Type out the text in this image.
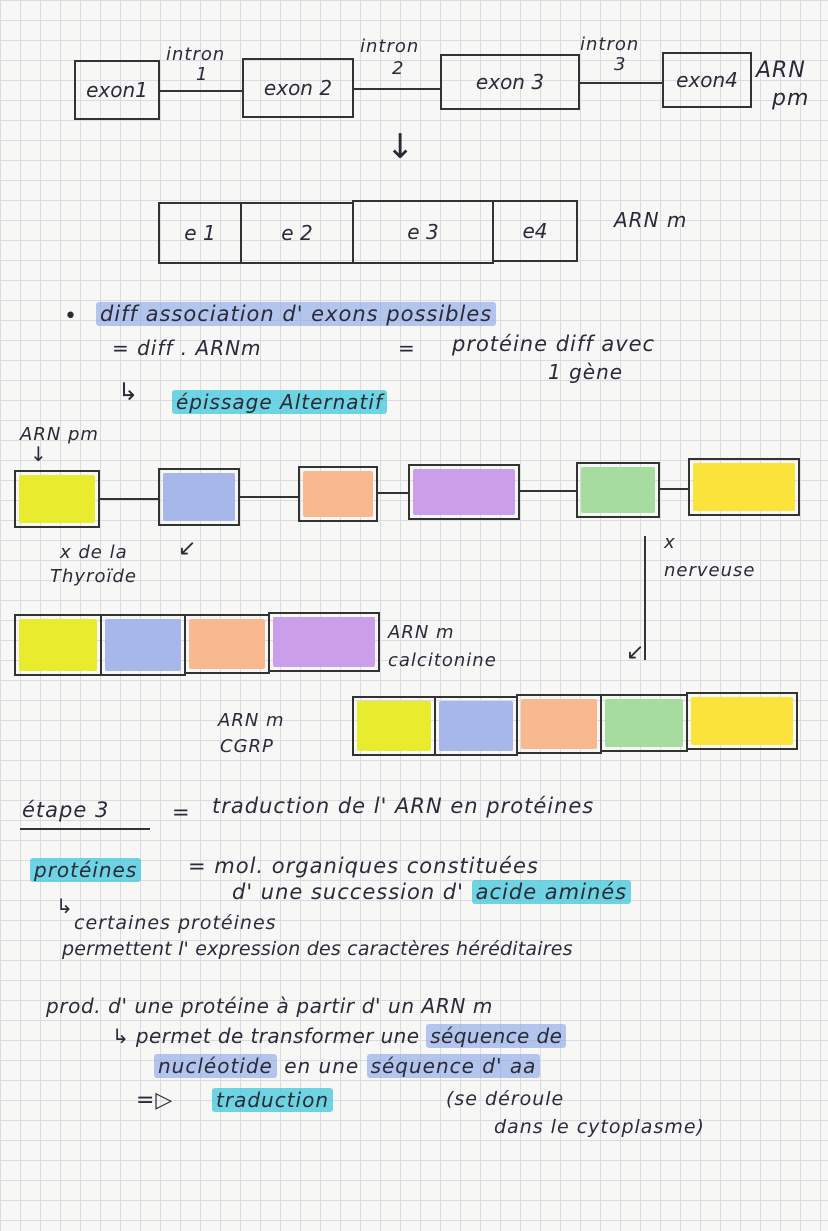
exon1	exon 2	exon 3	exon4
intron
1
intron
2
intron
3	ARN
pm
↓
e 1	e 2	e 3	e4	ARN m
• diff association d' exons possibles
= diff . ARNm	= protéine diff avec
1 gène
↳ épissage Alternatif
ARN pm
↓
x de la ↙
Thyroïde
x
nerveuse
↙
ARN m
calcitonine
ARN m
CGRP
étape 3	= traduction de l' ARN en protéines
protéines = mol. organiques constituées
d' une succession d' acide aminés
↳
certaines protéines
permettent l' expression des caractères héréditaires
prod. d' une protéine à partir d' un ARN m
↳ permet de transformer une séquence de
nucléotide en une séquence d' aa
=▷ traduction	(se déroule
dans le cytoplasme)
